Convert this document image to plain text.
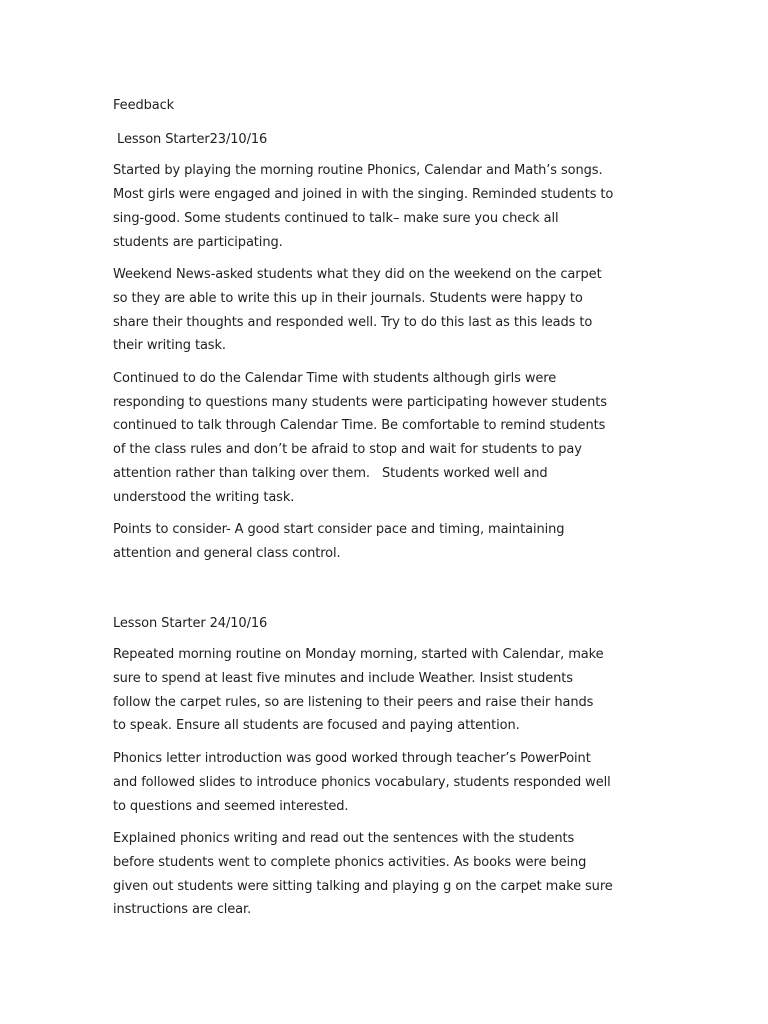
Feedback
Lesson Starter23/10/16
Started by playing the morning routine Phonics, Calendar and Math’s songs.
Most girls were engaged and joined in with the singing. Reminded students to
sing-good. Some students continued to talk– make sure you check all
students are participating.
Weekend News-asked students what they did on the weekend on the carpet
so they are able to write this up in their journals. Students were happy to
share their thoughts and responded well. Try to do this last as this leads to
their writing task.
Continued to do the Calendar Time with students although girls were
responding to questions many students were participating however students
continued to talk through Calendar Time. Be comfortable to remind students
of the class rules and don’t be afraid to stop and wait for students to pay
attention rather than talking over them.   Students worked well and
understood the writing task.
Points to consider- A good start consider pace and timing, maintaining
attention and general class control.
Lesson Starter 24/10/16
Repeated morning routine on Monday morning, started with Calendar, make
sure to spend at least five minutes and include Weather. Insist students
follow the carpet rules, so are listening to their peers and raise their hands
to speak. Ensure all students are focused and paying attention.
Phonics letter introduction was good worked through teacher’s PowerPoint
and followed slides to introduce phonics vocabulary, students responded well
to questions and seemed interested.
Explained phonics writing and read out the sentences with the students
before students went to complete phonics activities. As books were being
given out students were sitting talking and playing g on the carpet make sure
instructions are clear.
